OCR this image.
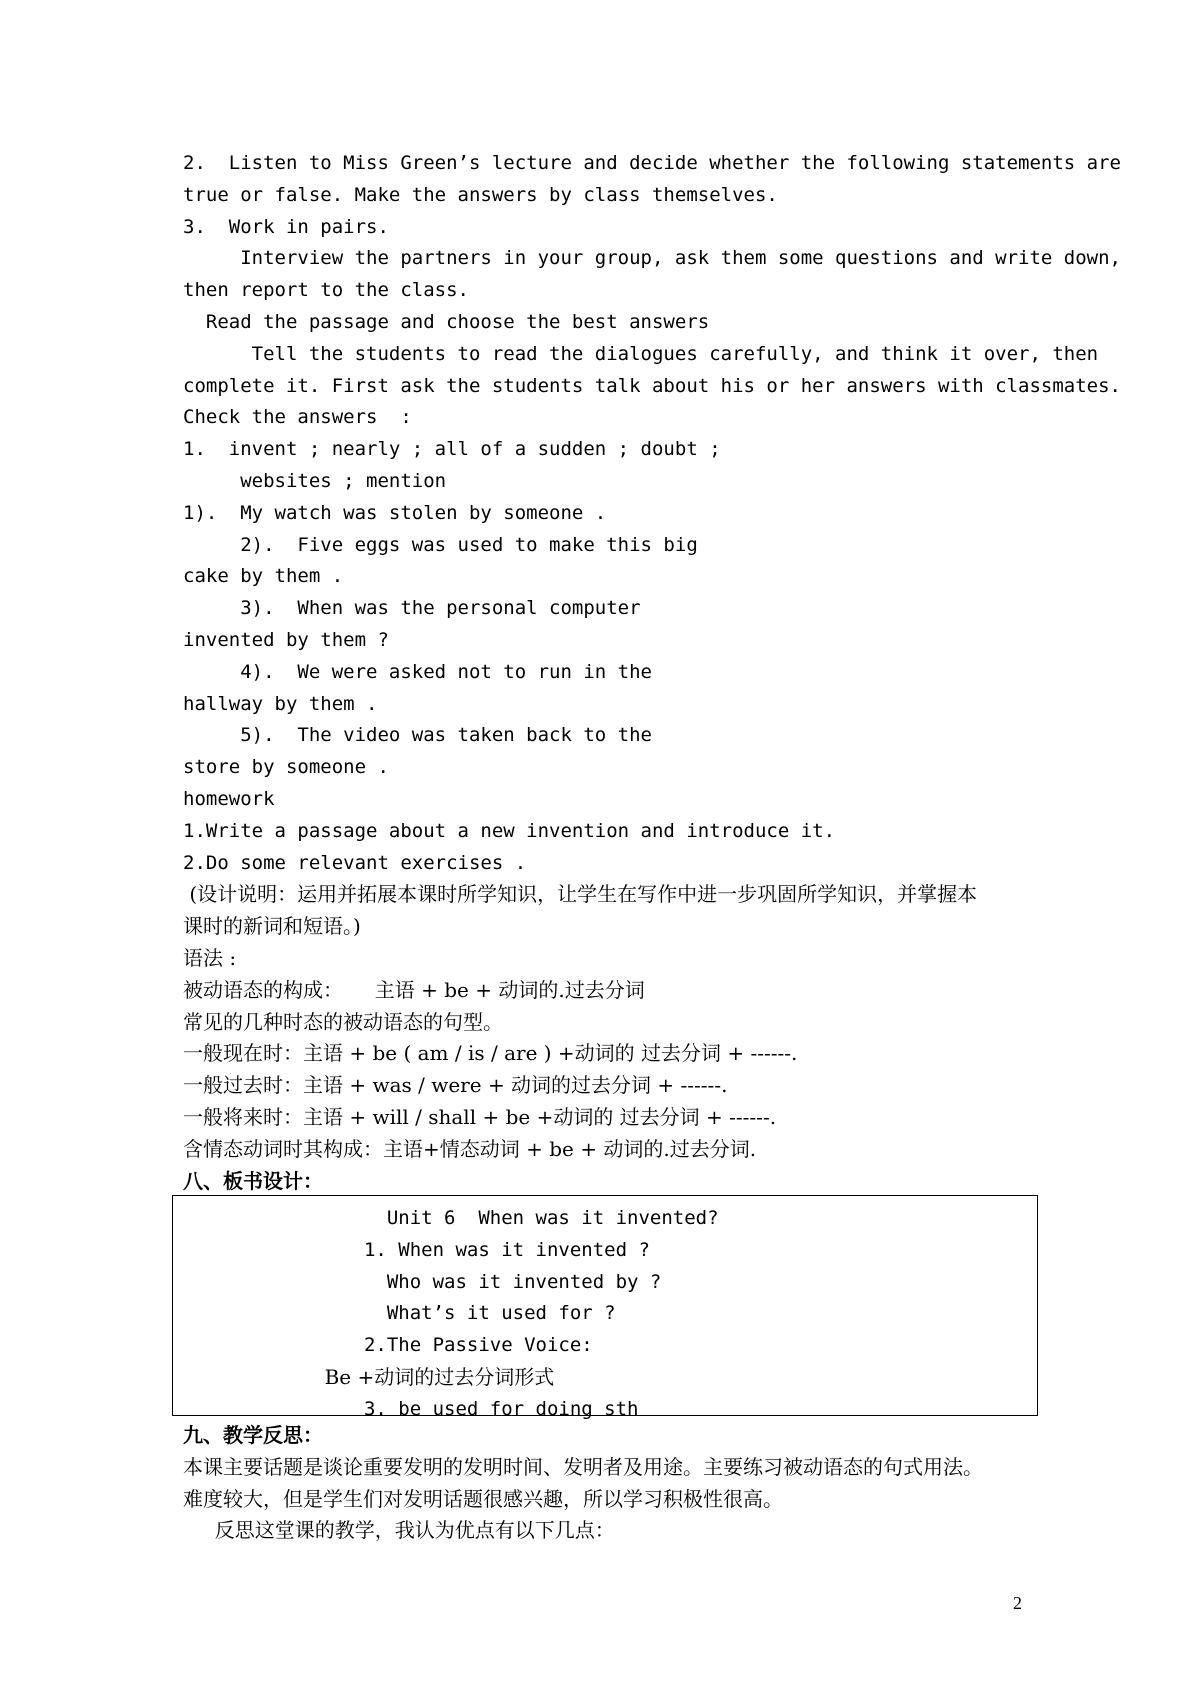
2.  Listen to Miss Green’s lecture and decide whether the following statements are
true or false. Make the answers by class themselves.
3.  Work in pairs.
Interview the partners in your group, ask them some questions and write down,
then report to the class.
Read the passage and choose the best answers
Tell the students to read the dialogues carefully, and think it over, then
complete it. First ask the students talk about his or her answers with classmates.
Check the answers  :
1.  invent ; nearly ; all of a sudden ; doubt ;
websites ; mention
1).  My watch was stolen by someone .
2).  Five eggs was used to make this big
cake by them .
3).  When was the personal computer
invented by them ?
4).  We were asked not to run in the
hallway by them .
5).  The video was taken back to the
store by someone .
homework
1.Write a passage about a new invention and introduce it.
2.Do some relevant exercises .
(设计说明：运用并拓展本课时所学知识，让学生在写作中进一步巩固所学知识，并掌握本
课时的新词和短语。)
语法 :
被动语态的构成：     主语 + be + 动词的.过去分词
常见的几种时态的被动语态的句型。
一般现在时：主语 + be ( am / is / are ) +动词的 过去分词 + ------.
一般过去时：主语 + was / were + 动词的过去分词 + ------.
一般将来时：主语 + will / shall + be +动词的 过去分词 + ------.
含情态动词时其构成：主语+情态动词 + be + 动词的.过去分词.
八、板书设计：
Unit 6  When was it invented?
1. When was it invented ?
Who was it invented by ?
What’s it used for ?
2.The Passive Voice:
Be +动词的过去分词形式
3. be used for doing sth
九、教学反思：
本课主要话题是谈论重要发明的发明时间、发明者及用途。主要练习被动语态的句式用法。
难度较大，但是学生们对发明话题很感兴趣，所以学习积极性很高。
反思这堂课的教学，我认为优点有以下几点：
2
